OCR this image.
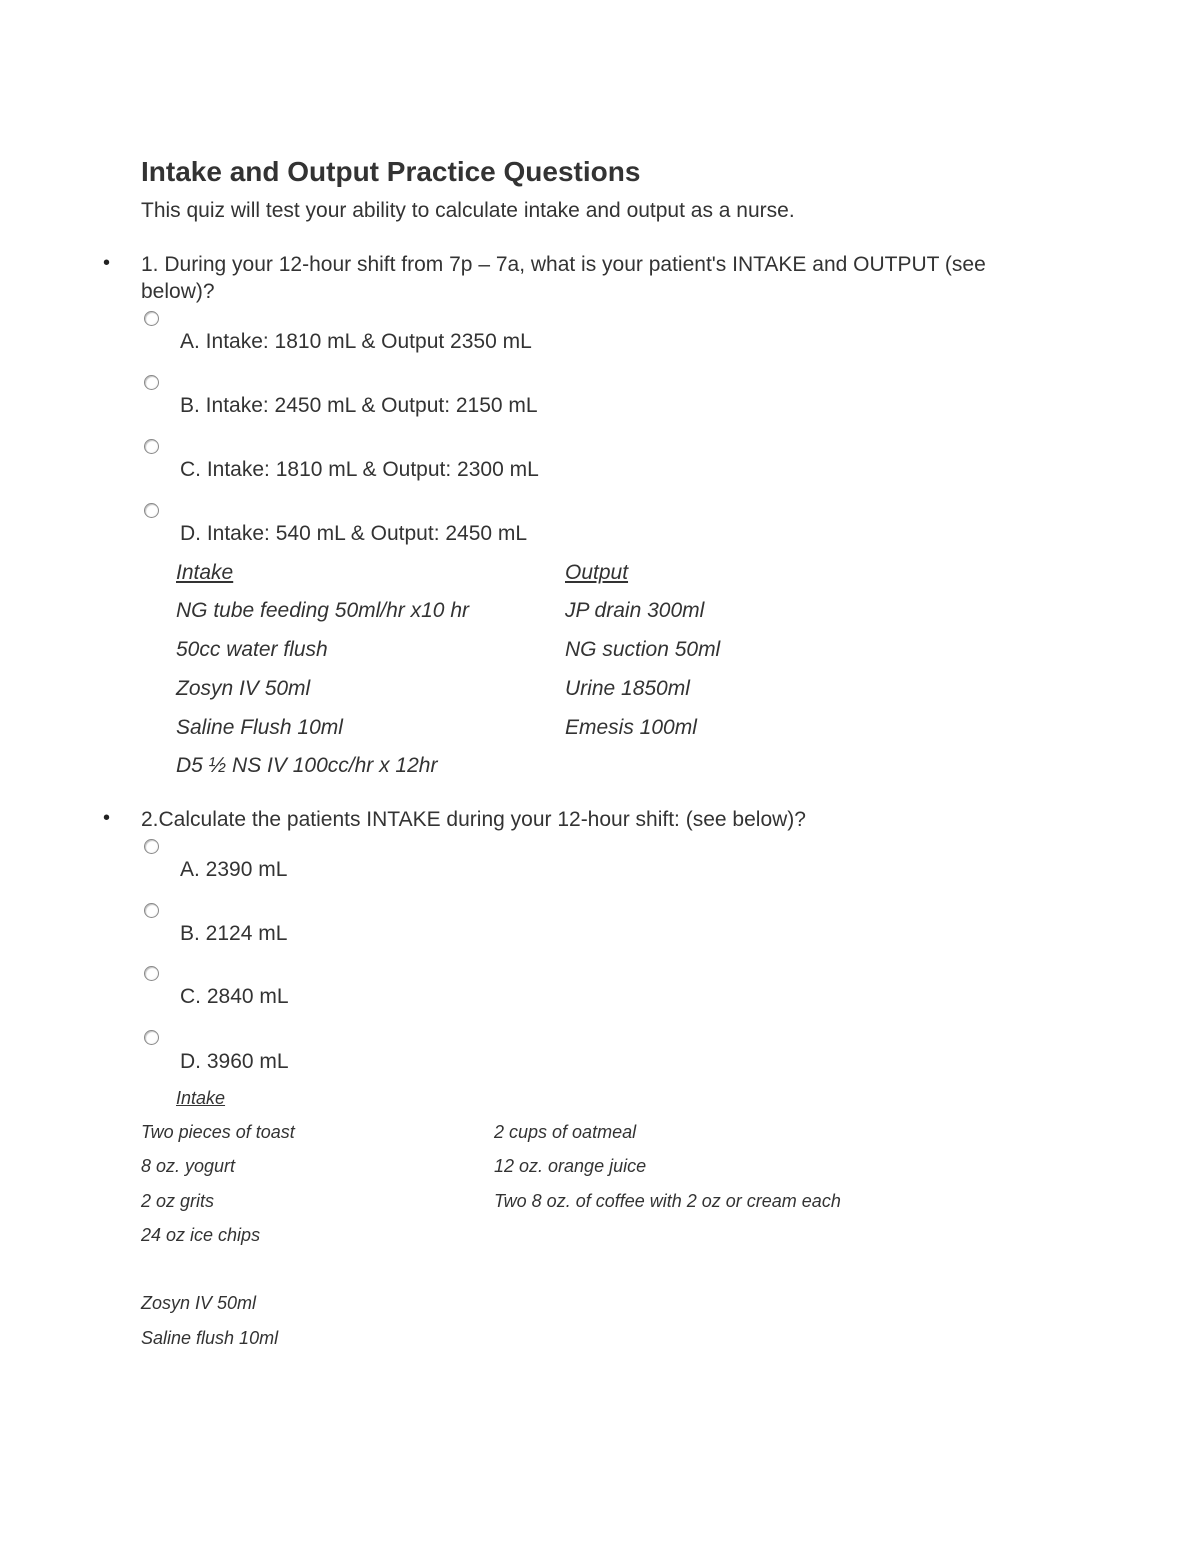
Intake and Output Practice Questions
This quiz will test your ability to calculate intake and output as a nurse.
• 1. During your 12-hour shift from 7p – 7a, what is your patient's INTAKE and OUTPUT (see below)?
A. Intake: 1810 mL & Output 2350 mL
B. Intake: 2450 mL & Output: 2150 mL
C. Intake: 1810 mL & Output: 2300 mL
D. Intake: 540 mL & Output: 2450 mL
Intake	Output
NG tube feeding 50ml/hr x10 hr
50cc water flush
Zosyn IV 50ml
Saline Flush 10ml
D5 ½ NS IV 100cc/hr x 12hr
JP drain 300ml
NG suction 50ml
Urine 1850ml
Emesis 100ml
• 2.Calculate the patients INTAKE during your 12-hour shift: (see below)?
A. 2390 mL
B. 2124 mL
C. 2840 mL
D. 3960 mL
Intake
Two pieces of toast
8 oz. yogurt
2 oz grits
24 oz ice chips
2 cups of oatmeal
12 oz. orange juice
Two 8 oz. of coffee with 2 oz or cream each
Zosyn IV 50ml
Saline flush 10ml
